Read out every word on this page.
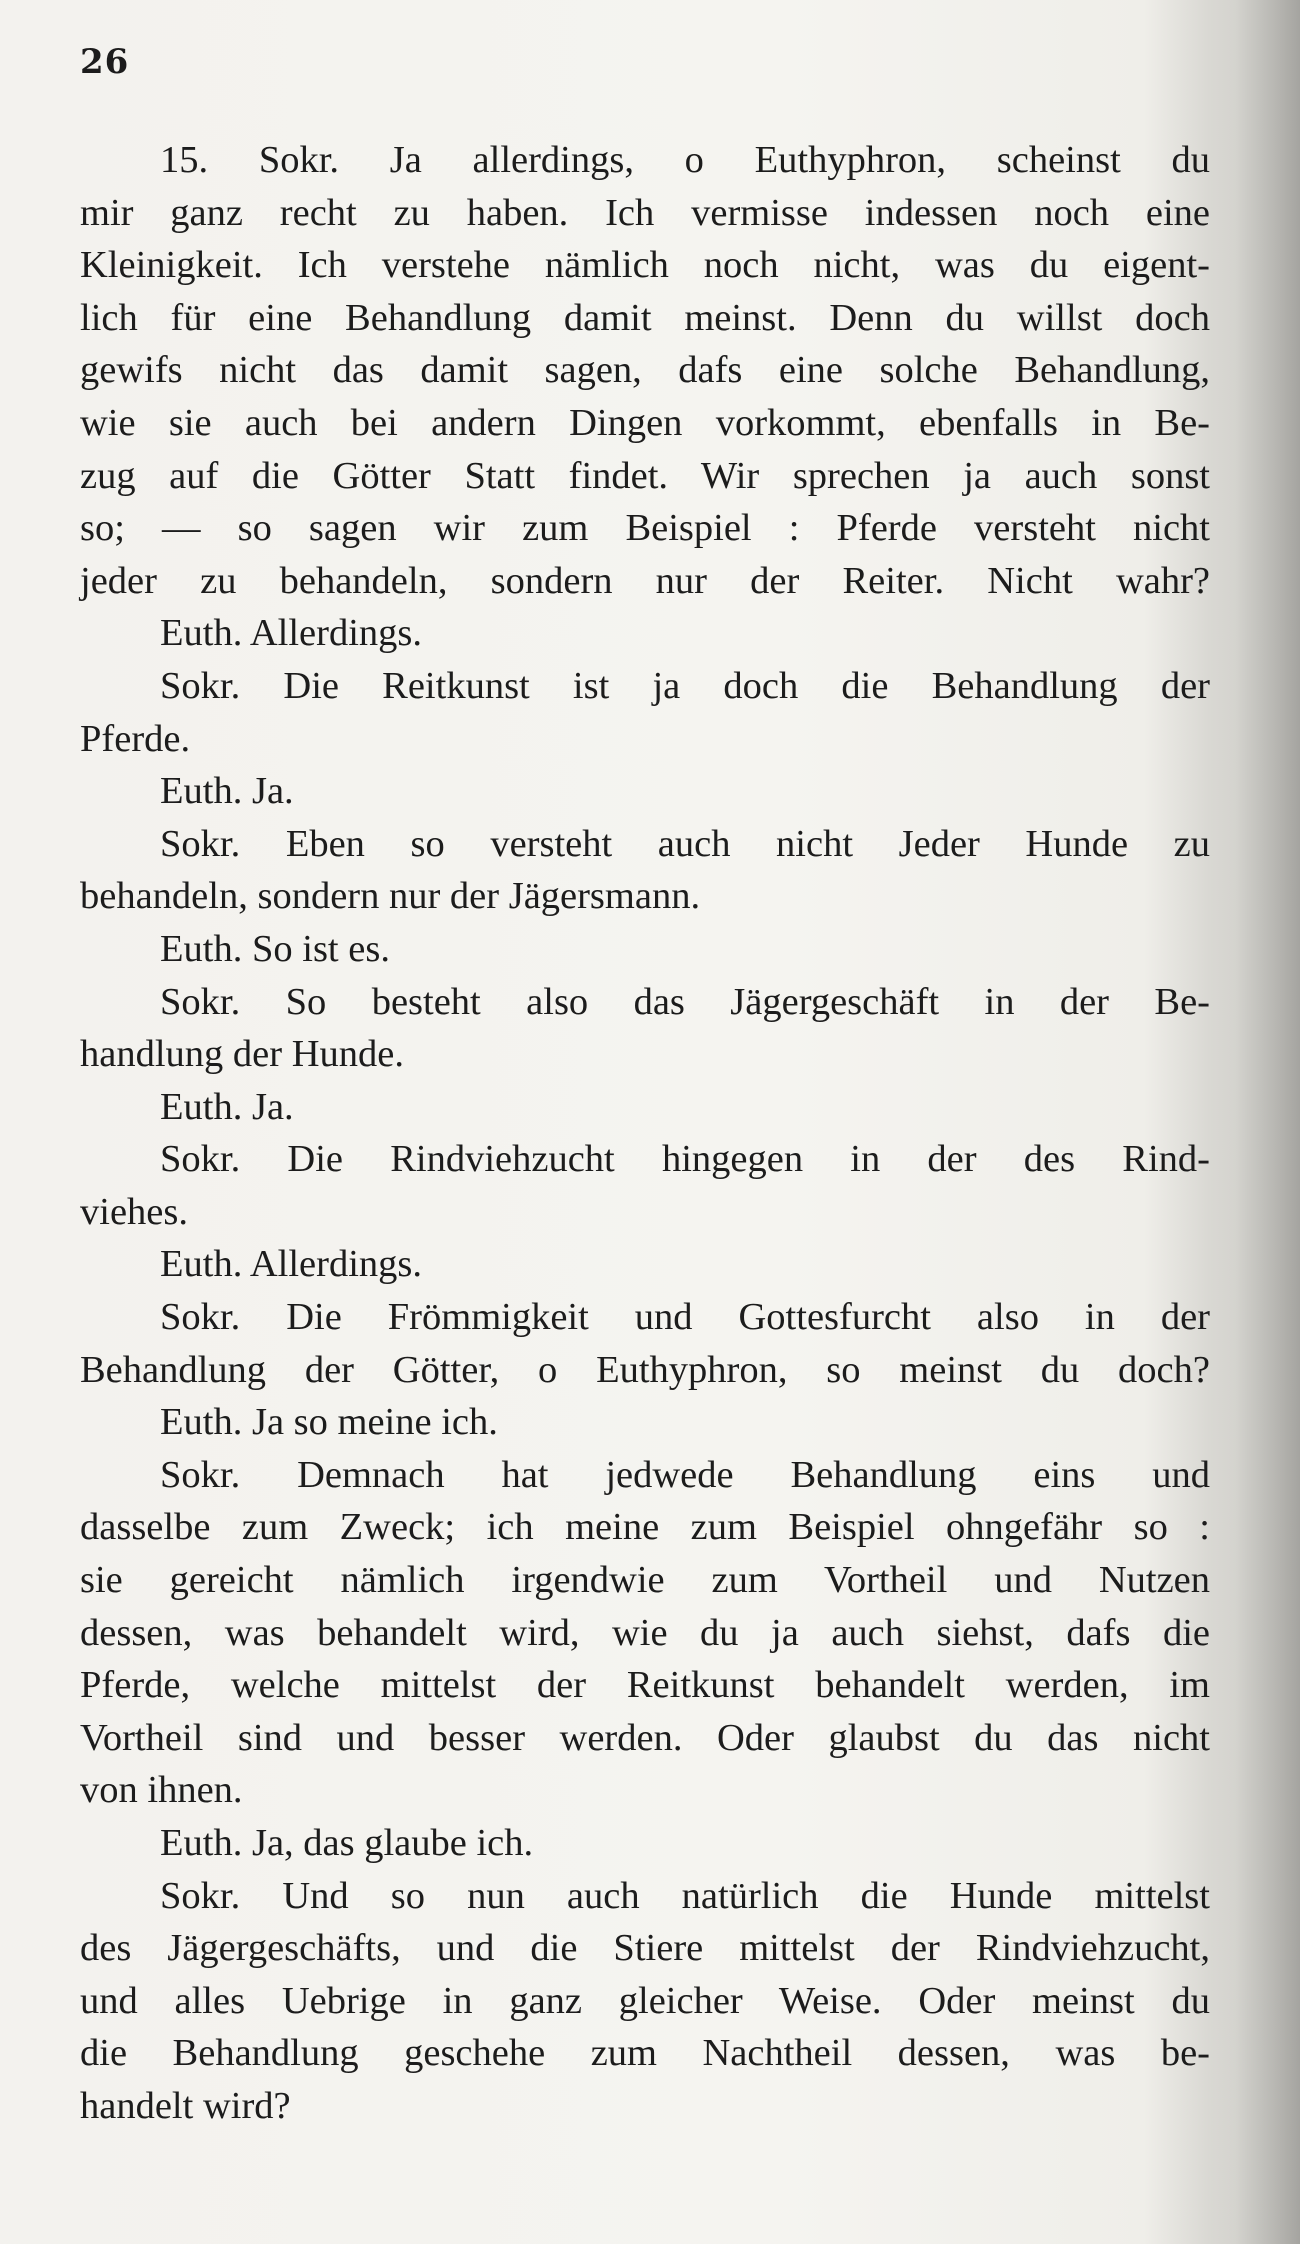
26
15. Sokr. Ja allerdings, o Euthyphron, scheinst du
mir ganz recht zu haben. Ich vermisse indessen noch eine
Kleinigkeit. Ich verstehe nämlich noch nicht, was du eigent-
lich für eine Behandlung damit meinst. Denn du willst doch
gewifs nicht das damit sagen, dafs eine solche Behandlung,
wie sie auch bei andern Dingen vorkommt, ebenfalls in Be-
zug auf die Götter Statt findet. Wir sprechen ja auch sonst
so; — so sagen wir zum Beispiel : Pferde versteht nicht
jeder zu behandeln, sondern nur der Reiter. Nicht wahr?
Euth. Allerdings.
Sokr. Die Reitkunst ist ja doch die Behandlung der
Pferde.
Euth. Ja.
Sokr. Eben so versteht auch nicht Jeder Hunde zu
behandeln, sondern nur der Jägersmann.
Euth. So ist es.
Sokr. So besteht also das Jägergeschäft in der Be-
handlung der Hunde.
Euth. Ja.
Sokr. Die Rindviehzucht hingegen in der des Rind-
viehes.
Euth. Allerdings.
Sokr. Die Frömmigkeit und Gottesfurcht also in der
Behandlung der Götter, o Euthyphron, so meinst du doch?
Euth. Ja so meine ich.
Sokr. Demnach hat jedwede Behandlung eins und
dasselbe zum Zweck; ich meine zum Beispiel ohngefähr so :
sie gereicht nämlich irgendwie zum Vortheil und Nutzen
dessen, was behandelt wird, wie du ja auch siehst, dafs die
Pferde, welche mittelst der Reitkunst behandelt werden, im
Vortheil sind und besser werden. Oder glaubst du das nicht
von ihnen.
Euth. Ja, das glaube ich.
Sokr. Und so nun auch natürlich die Hunde mittelst
des Jägergeschäfts, und die Stiere mittelst der Rindviehzucht,
und alles Uebrige in ganz gleicher Weise. Oder meinst du
die Behandlung geschehe zum Nachtheil dessen, was be-
handelt wird?
